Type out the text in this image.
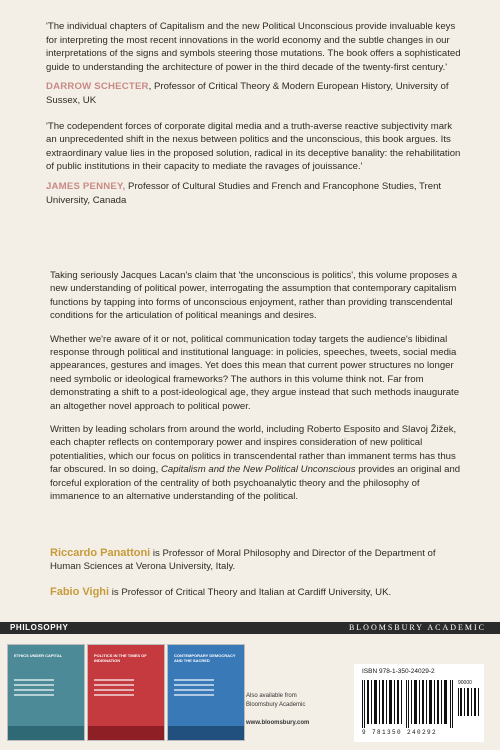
'The individual chapters of Capitalism and the new Political Unconscious provide invaluable keys for interpreting the most recent innovations in the world economy and the subtle changes in our interpretations of the signs and symbols steering those mutations. The book offers a sophisticated guide to understanding the architecture of power in the third decade of the twenty-first century.'

DARROW SCHECTER, Professor of Critical Theory & Modern European History, University of Sussex, UK

'The codependent forces of corporate digital media and a truth-averse reactive subjectivity mark an unprecedented shift in the nexus between politics and the unconscious, this book argues. Its extraordinary value lies in the proposed solution, radical in its deceptive banality: the rehabilitation of public institutions in their capacity to mediate the ravages of jouissance.'

JAMES PENNEY, Professor of Cultural Studies and French and Francophone Studies, Trent University, Canada

Taking seriously Jacques Lacan's claim that 'the unconscious is politics', this volume proposes a new understanding of political power, interrogating the assumption that contemporary capitalism functions by tapping into forms of unconscious enjoyment, rather than providing transcendental conditions for the articulation of political meanings and desires.

Whether we're aware of it or not, political communication today targets the audience's libidinal response through political and institutional language: in policies, speeches, tweets, social media appearances, gestures and images. Yet does this mean that current power structures no longer need symbolic or ideological frameworks? The authors in this volume think not. Far from demonstrating a shift to a post-ideological age, they argue instead that such methods inaugurate an altogether novel approach to political power.

Written by leading scholars from around the world, including Roberto Esposito and Slavoj Žižek, each chapter reflects on contemporary power and inspires consideration of new political potentialities, which our focus on politics in transcendental rather than immanent terms has thus far obscured. In so doing, Capitalism and the New Political Unconscious provides an original and forceful exploration of the centrality of both psychoanalytic theory and the philosophy of immanence to an alternative understanding of the political.

Riccardo Panattoni is Professor of Moral Philosophy and Director of the Department of Human Sciences at Verona University, Italy.

Fabio Vighi is Professor of Critical Theory and Italian at Cardiff University, UK.

PHILOSOPHY	BLOOMSBURY ACADEMIC
ETHICS UNDER CAPITAL	POLITICS IN THE TIMES OF INDIGNATION
CONTEMPORARY DEMOCRACY AND THE SACRED
Also available from
Bloomsbury Academic
www.bloomsbury.com
ISBN 978-1-350-24029-2
9 781350 240292
90000
